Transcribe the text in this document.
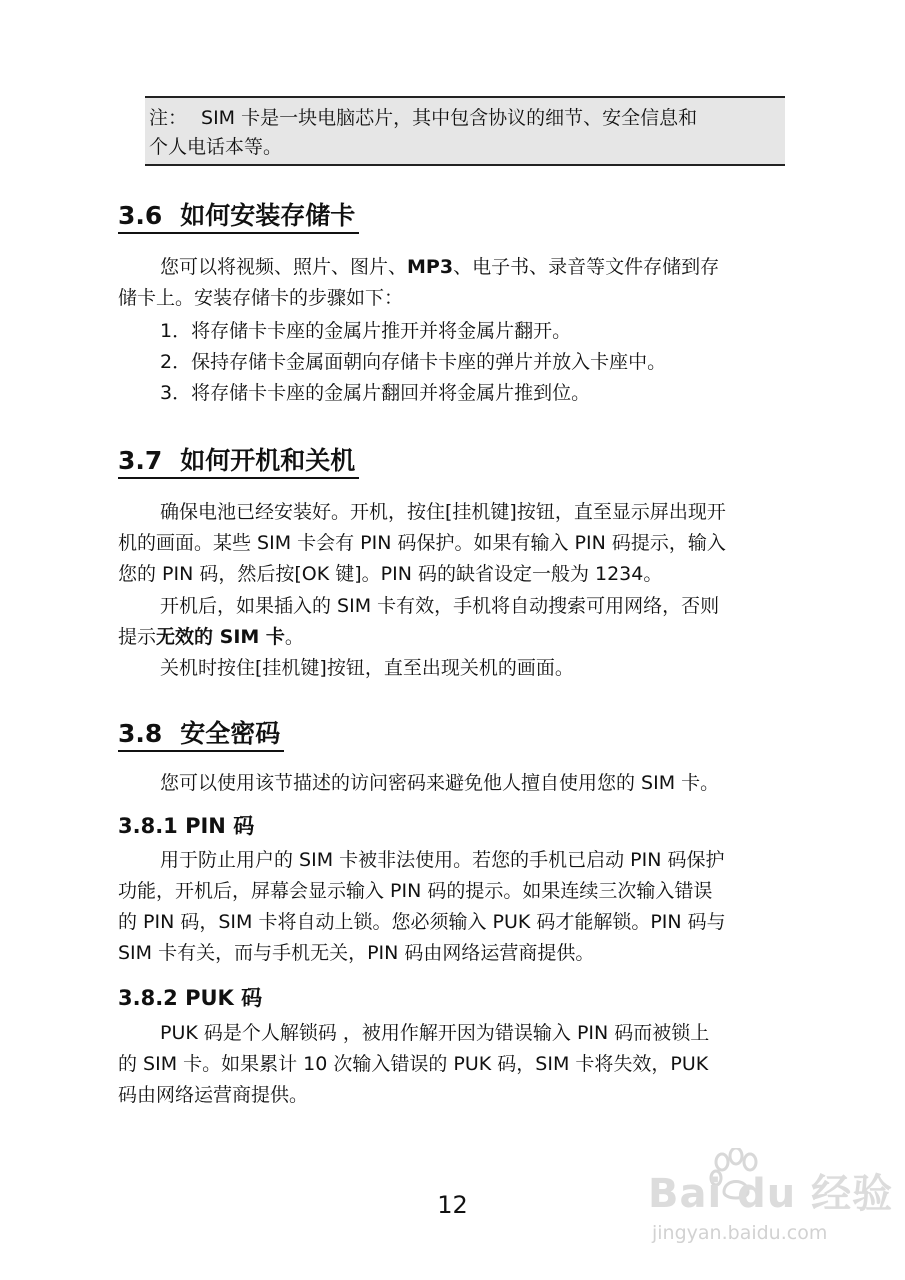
注： SIM 卡是一块电脑芯片，其中包含协议的细节、安全信息和
个人电话本等。
3.6 如何安装存储卡
您可以将视频、照片、图片、MP3、电子书、录音等文件存储到存
储卡上。安装存储卡的步骤如下：
1．将存储卡卡座的金属片推开并将金属片翻开。
2．保持存储卡金属面朝向存储卡卡座的弹片并放入卡座中。
3．将存储卡卡座的金属片翻回并将金属片推到位。
3.7 如何开机和关机
确保电池已经安装好。开机，按住[挂机键]按钮，直至显示屏出现开
机的画面。某些 SIM 卡会有 PIN 码保护。如果有输入 PIN 码提示，输入
您的 PIN 码，然后按[OK 键]。PIN 码的缺省设定一般为 1234。
开机后，如果插入的 SIM 卡有效，手机将自动搜索可用网络，否则
提示无效的 SIM 卡。
关机时按住[挂机键]按钮，直至出现关机的画面。
3.8 安全密码
您可以使用该节描述的访问密码来避免他人擅自使用您的 SIM 卡。
3.8.1 PIN 码
用于防止用户的 SIM 卡被非法使用。若您的手机已启动 PIN 码保护
功能，开机后，屏幕会显示输入 PIN 码的提示。如果连续三次输入错误
的 PIN 码，SIM 卡将自动上锁。您必须输入 PUK 码才能解锁。PIN 码与
SIM 卡有关，而与手机无关，PIN 码由网络运营商提供。
3.8.2 PUK 码
PUK 码是个人解锁码 ，被用作解开因为错误输入 PIN 码而被锁上
的 SIM 卡。如果累计 10 次输入错误的 PUK 码，SIM 卡将失效，PUK
码由网络运营商提供。
12	Bai du 经验
jingyan.baidu.com
